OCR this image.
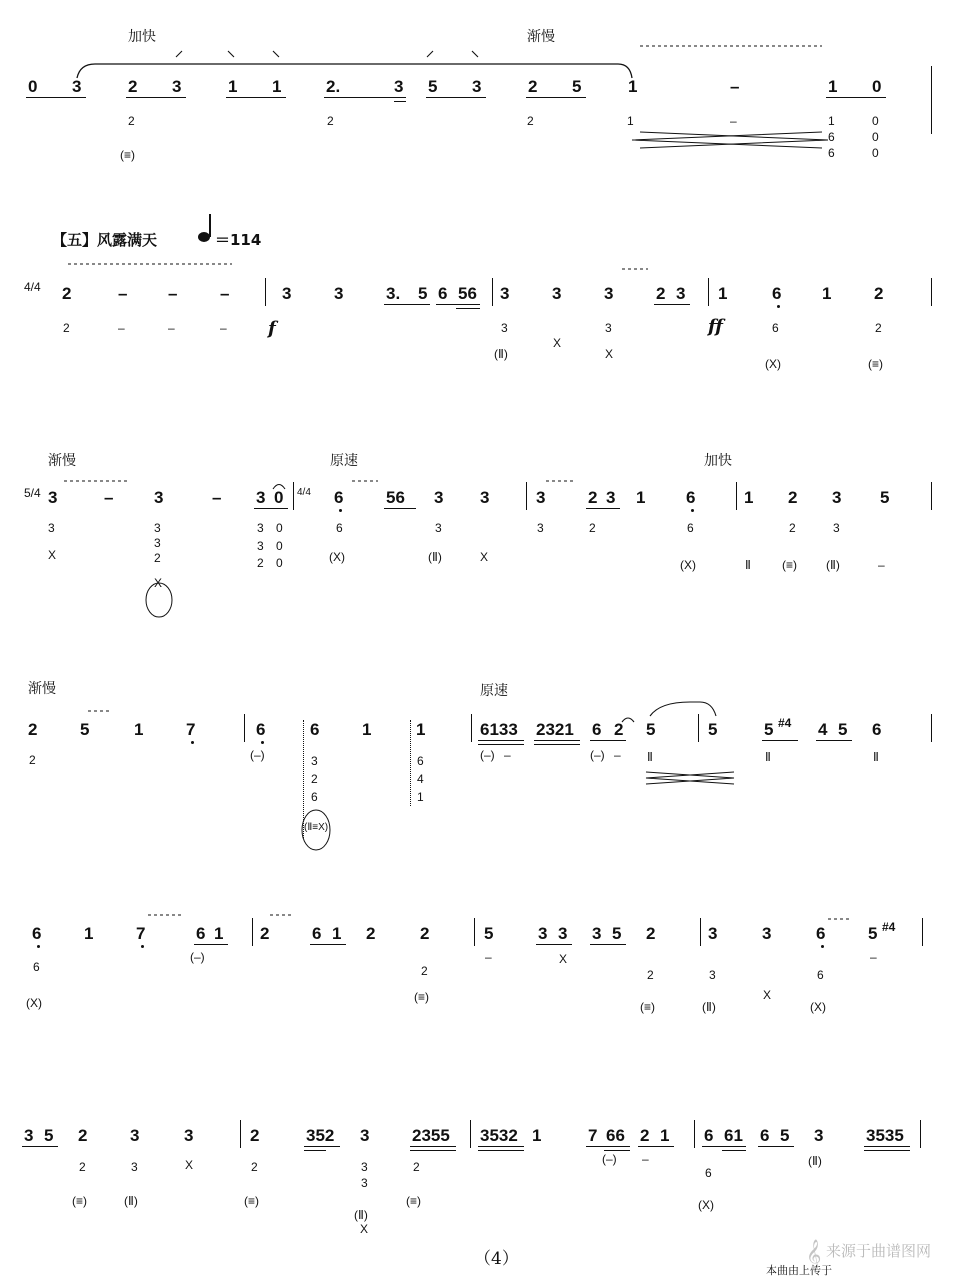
加快	渐慢
0 3	2 3	1 1	2.	3 5 3	2 5	1	–	1 0
2
(≡)
2	2	1	–	1
6
6
0
0
0
【五】风露满天	＝114
4/4 2	– –	–	3	3	3. 5 6 56 3	3	3	2 3 1	6 1	2
f	ff
2	–	–	–	3
(Ⅱ)
X
3
X
6
(X)
2
(≡)
渐慢	原速	加快
5/4 3	– 3	– 3 0 4/4 6	56 3 3	3	2 3 1 6	1 2 3 5
3
X
3
3
2
X
3
3
2
0
0
0
6
(X)
3
(Ⅱ)	X
3	2	6
(X)	Ⅱ
2
(≡)
3
(Ⅱ)	–
渐慢	原速
2	5	1	7	6	6	1	1	6133 2321 6 2 5	5	5 #4 4 5 6
2	(–)	3
2
6
(Ⅱ≡X)
6
4
1
(–) –	(–) – Ⅱ	Ⅱ	Ⅱ
6	1	7	6 1 2	6 1 2	2	5	3 3 3 5 2	3	3	6	5 #4
6
(X)
(–)
2
(≡)
–	X
2
(≡)
3
(Ⅱ)
X
6
(X)
–
3 5 2	3	3	2	352 3	2355 3532 1	7 66 2 1 6 61 6 5 3	3535
2
(≡)
3
(Ⅱ)
X	2
(≡)
3
3
(Ⅱ)
X
2
(≡)
(–) –
6
(X)
(Ⅱ)
（4）
本曲由上传于
来源于曲谱图网
𝄞
